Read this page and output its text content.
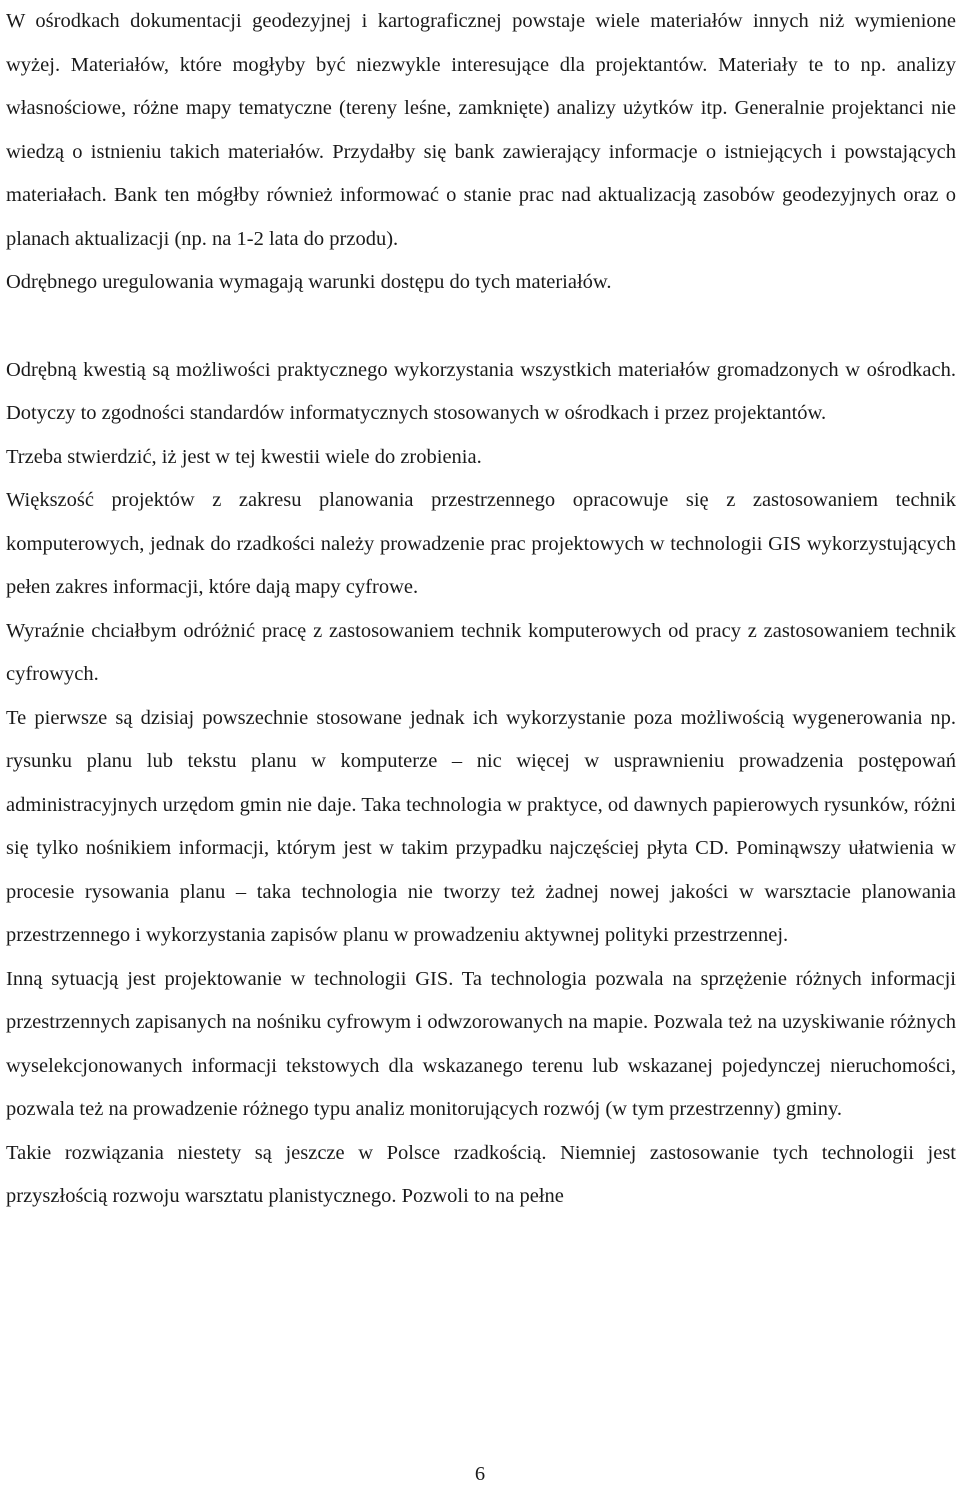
W ośrodkach dokumentacji geodezyjnej i kartograficznej powstaje wiele materiałów innych niż wymienione wyżej. Materiałów, które mogłyby być niezwykle interesujące dla projektantów. Materiały te to np. analizy własnościowe, różne mapy tematyczne (tereny leśne, zamknięte) analizy użytków itp. Generalnie projektanci nie wiedzą o istnieniu takich materiałów. Przydałby się bank zawierający informacje o istniejących i powstających materiałach. Bank ten mógłby również informować o stanie prac nad aktualizacją zasobów geodezyjnych oraz o planach aktualizacji (np. na 1-2 lata do przodu).

Odrębnego uregulowania wymagają warunki dostępu do tych materiałów.

Odrębną kwestią są możliwości praktycznego wykorzystania wszystkich materiałów gromadzonych w ośrodkach. Dotyczy to zgodności standardów informatycznych stosowanych w ośrodkach i przez projektantów.

Trzeba stwierdzić, iż jest w tej kwestii wiele do zrobienia.

Większość projektów z zakresu planowania przestrzennego opracowuje się z zastosowaniem technik komputerowych, jednak do rzadkości należy prowadzenie prac projektowych w technologii GIS wykorzystujących pełen zakres informacji, które dają mapy cyfrowe.

Wyraźnie chciałbym odróżnić pracę z zastosowaniem technik komputerowych od pracy z zastosowaniem technik cyfrowych.

Te pierwsze są dzisiaj powszechnie stosowane jednak ich wykorzystanie poza możliwością wygenerowania np. rysunku planu lub tekstu planu w komputerze – nic więcej w usprawnieniu prowadzenia postępowań administracyjnych urzędom gmin nie daje. Taka technologia w praktyce, od dawnych papierowych rysunków, różni się tylko nośnikiem informacji, którym jest w takim przypadku najczęściej płyta CD. Pominąwszy ułatwienia w procesie rysowania planu – taka technologia nie tworzy też żadnej nowej jakości w warsztacie planowania przestrzennego i wykorzystania zapisów planu w prowadzeniu aktywnej polityki przestrzennej.

Inną sytuacją jest projektowanie w technologii GIS. Ta technologia pozwala na sprzężenie różnych informacji przestrzennych zapisanych na nośniku cyfrowym i odwzorowanych na mapie. Pozwala też na uzyskiwanie różnych wyselekcjonowanych informacji tekstowych dla wskazanego terenu lub wskazanej pojedynczej nieruchomości, pozwala też na prowadzenie różnego typu analiz monitorujących rozwój (w tym przestrzenny) gminy.

Takie rozwiązania niestety są jeszcze w Polsce rzadkością. Niemniej zastosowanie tych technologii jest przyszłością rozwoju warsztatu planistycznego. Pozwoli to na pełne

6
